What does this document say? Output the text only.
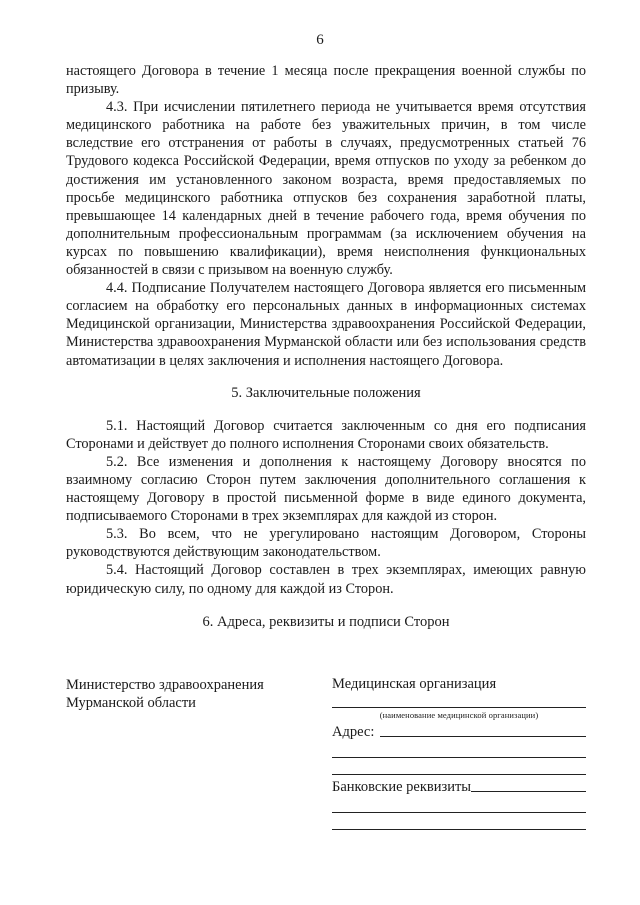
6

настоящего Договора в течение 1 месяца после прекращения военной службы по призыву.

4.3. При исчислении пятилетнего периода не учитывается время отсутствия медицинского работника на работе без уважительных причин, в том числе вследствие его отстранения от работы в случаях, предусмотренных статьей 76 Трудового кодекса Российской Федерации, время отпусков по уходу за ребенком до достижения им установленного законом возраста, время предоставляемых по просьбе медицинского работника отпусков без сохранения заработной платы, превышающее 14 календарных дней в течение рабочего года, время обучения по дополнительным профессиональным программам (за исключением обучения на курсах по повышению квалификации), время неисполнения функциональных обязанностей в связи с призывом на военную службу.

4.4. Подписание Получателем настоящего Договора является его письменным согласием на обработку его персональных данных в информационных системах Медицинской организации, Министерства здравоохранения Российской Федерации, Министерства здравоохранения Мурманской области или без использования средств автоматизации в целях заключения и исполнения настоящего Договора.

5. Заключительные положения

5.1. Настоящий Договор считается заключенным со дня его подписания Сторонами и действует до полного исполнения Сторонами своих обязательств.

5.2. Все изменения и дополнения к настоящему Договору вносятся по взаимному согласию Сторон путем заключения дополнительного соглашения к настоящему Договору в простой письменной форме в виде единого документа, подписываемого Сторонами в трех экземплярах для каждой из сторон.

5.3. Во всем, что не урегулировано настоящим Договором, Стороны руководствуются действующим законодательством.

5.4. Настоящий Договор составлен в трех экземплярах, имеющих равную юридическую силу, по одному для каждой из Сторон.

6. Адреса, реквизиты и подписи Сторон
Министерство здравоохранения Мурманской области
Медицинская организация
(наименование медицинской организации)
Адрес:
Банковские реквизиты
